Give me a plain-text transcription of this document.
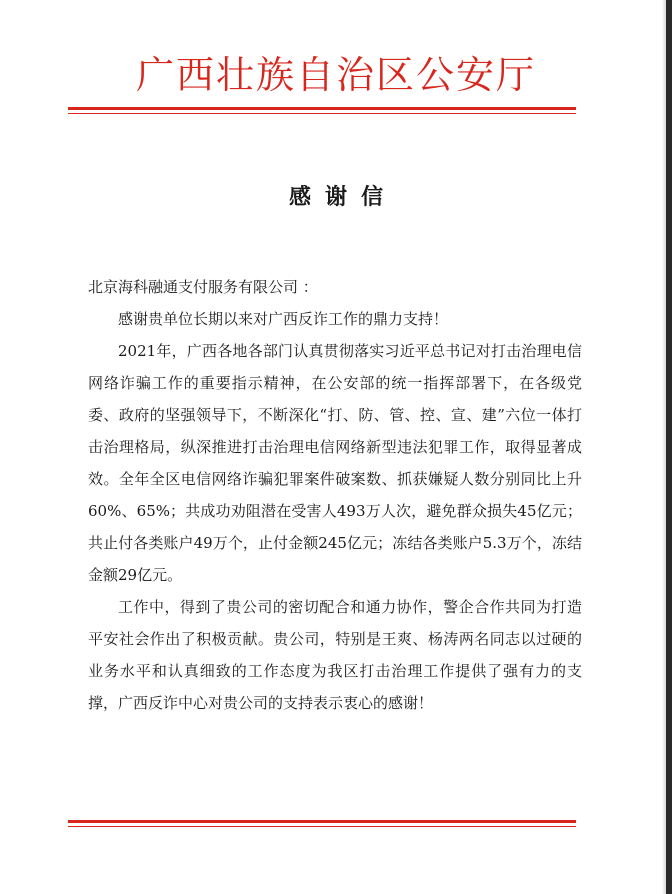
广西壮族自治区公安厅
感谢信

北京海科融通支付服务有限公司 ：

感谢贵单位长期以来对广西反诈工作的鼎力支持！

2021年，广西各地各部门认真贯彻落实习近平总书记对打击治理电信网络诈骗工作的重要指示精神，在公安部的统一指挥部署下，在各级党委、政府的坚强领导下，不断深化“打、防、管、控、宣、建”六位一体打击治理格局，纵深推进打击治理电信网络新型违法犯罪工作，取得显著成效。全年全区电信网络诈骗犯罪案件破案数、抓获嫌疑人数分别同比上升60%、65%；共成功劝阻潜在受害人493万人次，避免群众损失45亿元；共止付各类账户49万个，止付金额245亿元；冻结各类账户5.3万个，冻结金额29亿元。

工作中，得到了贵公司的密切配合和通力协作，警企合作共同为打造平安社会作出了积极贡献。贵公司，特别是王爽、杨涛两名同志以过硬的业务水平和认真细致的工作态度为我区打击治理工作提供了强有力的支撑，广西反诈中心对贵公司的支持表示衷心的感谢！
